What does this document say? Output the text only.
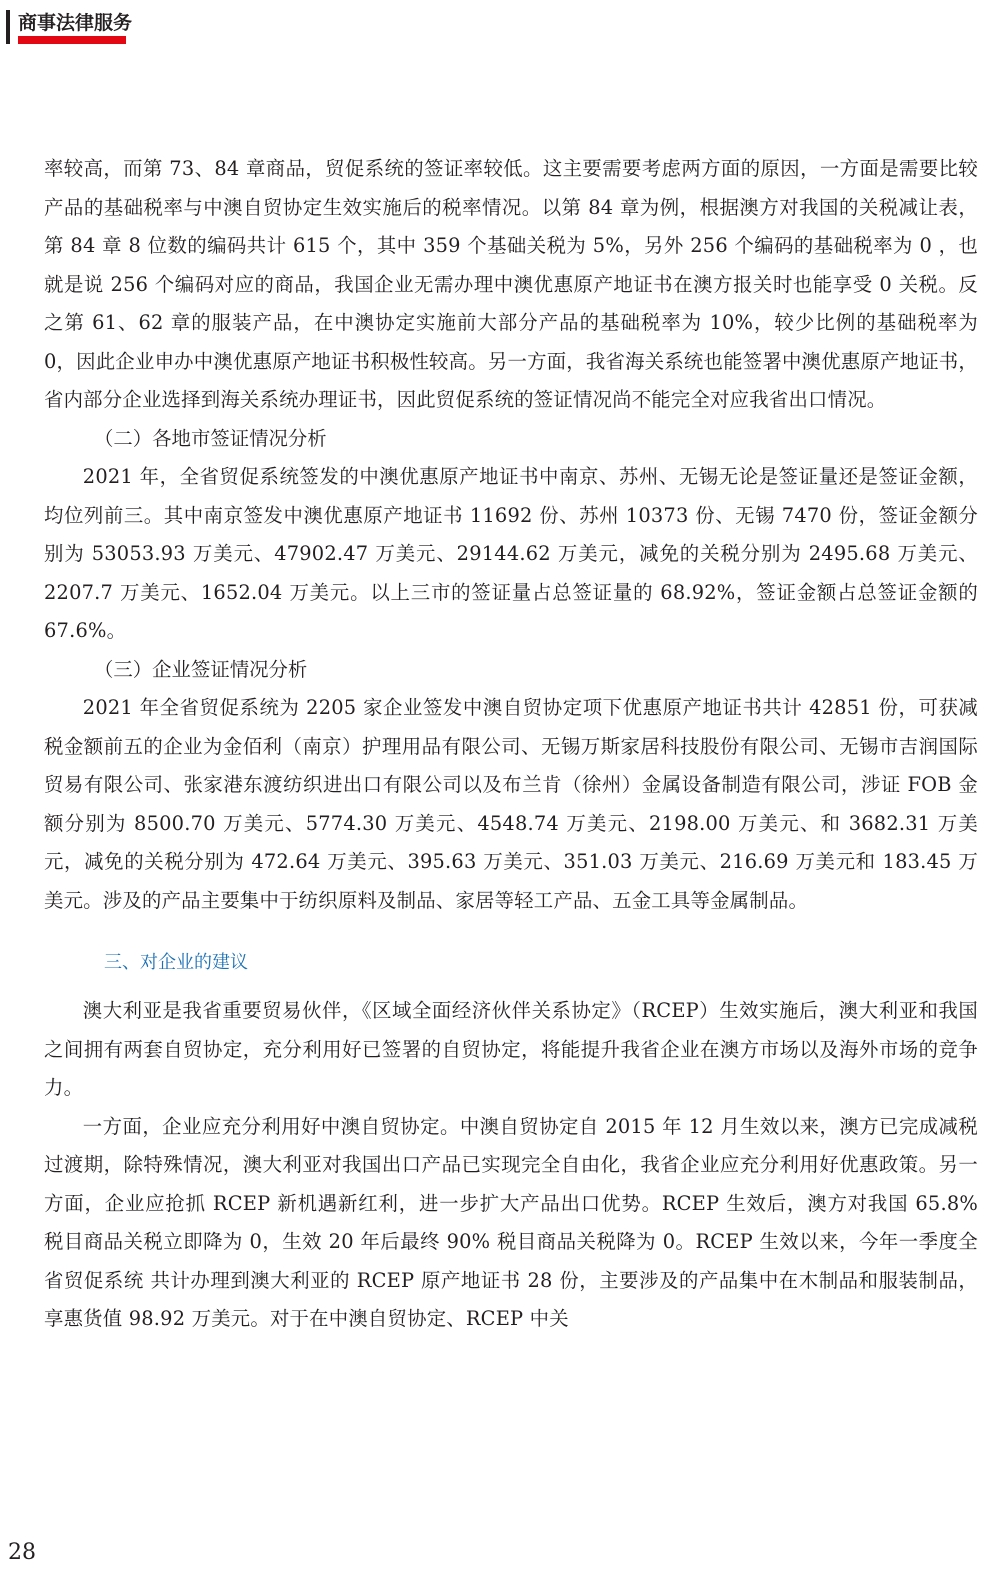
商事法律服务

率较高，而第 73、84 章商品，贸促系统的签证率较低。这主要需要考虑两方面的原因，一方面是需要比较产品的基础税率与中澳自贸协定生效实施后的税率情况。以第 84 章为例，根据澳方对我国的关税减让表，第 84 章 8 位数的编码共计 615 个，其中 359 个基础关税为 5%，另外 256 个编码的基础税率为 0 ，也就是说 256 个编码对应的商品，我国企业无需办理中澳优惠原产地证书在澳方报关时也能享受 0 关税。反之第 61、62 章的服装产品，在中澳协定实施前大部分产品的基础税率为 10%，较少比例的基础税率为 0，因此企业申办中澳优惠原产地证书积极性较高。另一方面，我省海关系统也能签署中澳优惠原产地证书，省内部分企业选择到海关系统办理证书，因此贸促系统的签证情况尚不能完全对应我省出口情况。

（二）各地市签证情况分析

2021 年，全省贸促系统签发的中澳优惠原产地证书中南京、苏州、无锡无论是签证量还是签证金额，均位列前三。其中南京签发中澳优惠原产地证书 11692 份、苏州 10373 份、无锡 7470 份，签证金额分别为 53053.93 万美元、47902.47 万美元、29144.62 万美元，减免的关税分别为 2495.68 万美元、2207.7 万美元、1652.04 万美元。以上三市的签证量占总签证量的 68.92%，签证金额占总签证金额的 67.6%。

（三）企业签证情况分析

2021 年全省贸促系统为 2205 家企业签发中澳自贸协定项下优惠原产地证书共计 42851 份，可获减税金额前五的企业为金佰利（南京）护理用品有限公司、无锡万斯家居科技股份有限公司、无锡市吉润国际贸易有限公司、张家港东渡纺织进出口有限公司以及布兰肯（徐州）金属设备制造有限公司，涉证 FOB 金额分别为 8500.70 万美元、5774.30 万美元、4548.74 万美元、2198.00 万美元、和 3682.31 万美元，减免的关税分别为 472.64 万美元、395.63 万美元、351.03 万美元、216.69 万美元和 183.45 万美元。涉及的产品主要集中于纺织原料及制品、家居等轻工产品、五金工具等金属制品。

三、对企业的建议

澳大利亚是我省重要贸易伙伴，《区域全面经济伙伴关系协定》（RCEP）生效实施后，澳大利亚和我国之间拥有两套自贸协定，充分利用好已签署的自贸协定，将能提升我省企业在澳方市场以及海外市场的竞争力。

一方面，企业应充分利用好中澳自贸协定。中澳自贸协定自 2015 年 12 月生效以来，澳方已完成减税过渡期，除特殊情况，澳大利亚对我国出口产品已实现完全自由化，我省企业应充分利用好优惠政策。另一方面，企业应抢抓 RCEP 新机遇新红利，进一步扩大产品出口优势。RCEP 生效后，澳方对我国 65.8% 税目商品关税立即降为 0，生效 20 年后最终 90% 税目商品关税降为 0。RCEP 生效以来，今年一季度全省贸促系统 共计办理到澳大利亚的 RCEP 原产地证书 28 份，主要涉及的产品集中在木制品和服装制品，享惠货值 98.92 万美元。对于在中澳自贸协定、RCEP 中关

28
